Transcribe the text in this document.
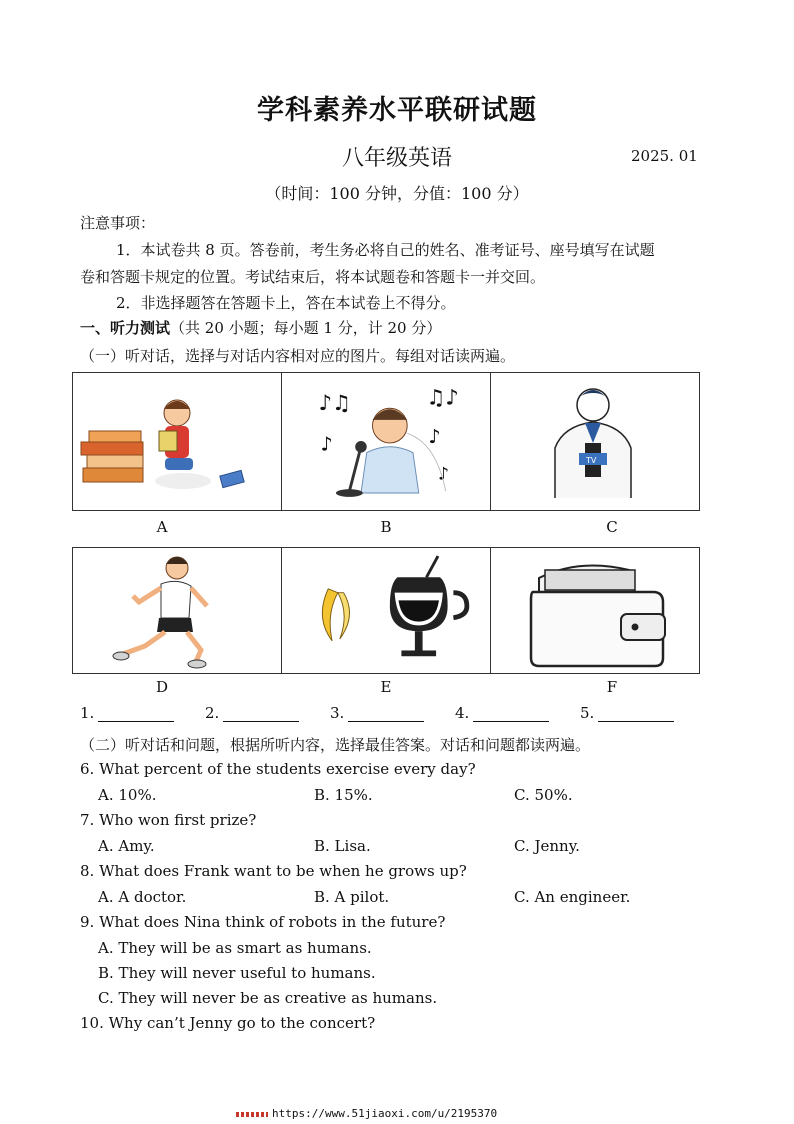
学科素养水平联研试题
八年级英语	2025. 01
（时间：100 分钟，分值：100 分）
注意事项：
1．本试卷共 8 页。答卷前，考生务必将自己的姓名、准考证号、座号填写在试题
卷和答题卡规定的位置。考试结束后，将本试题卷和答题卡一并交回。
2．非选择题答在答题卡上，答在本试卷上不得分。
一、听力测试（共 20 小题；每小题 1 分，计 20 分）
（一）听对话，选择与对话内容相对应的图片。每组对话读两遍。
♪♫
♪
♫♪
♪
♪
TV
A	B	C
D	E	F
1.	2.	3.	4.	5.
（二）听对话和问题，根据所听内容，选择最佳答案。对话和问题都读两遍。
6. What percent of the students exercise every day?
A. 10%.	B. 15%.	C. 50%.
7. Who won first prize?
A. Amy.	B. Lisa.	C. Jenny.
8. What does Frank want to be when he grows up?
A. A doctor.	B. A pilot.	C. An engineer.
9. What does Nina think of robots in the future?
A. They will be as smart as humans.
B. They will never useful to humans.
C. They will never be as creative as humans.
10. Why can’t Jenny go to the concert?
https://www.51jiaoxi.com/u/2195370
